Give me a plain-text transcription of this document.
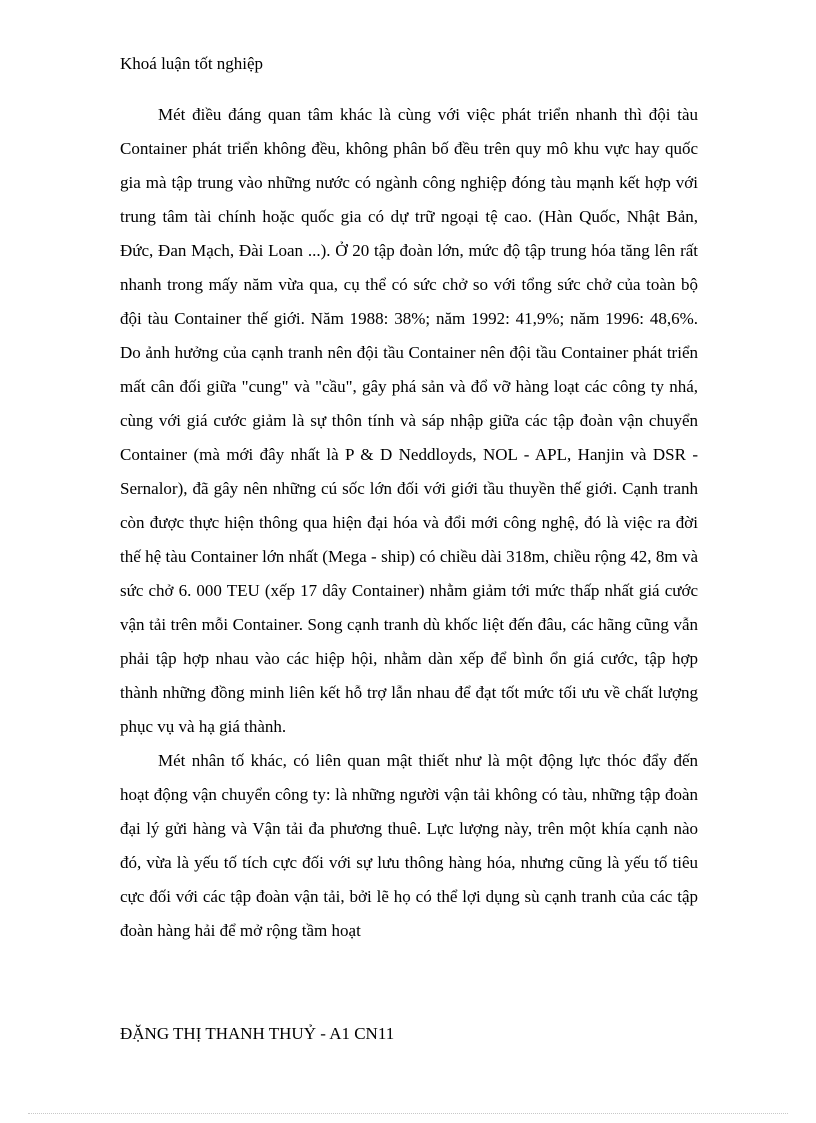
Khoá luận tốt nghiệp

Mét điều đáng quan tâm khác là cùng với việc phát triển nhanh thì đội tàu Container phát triển không đều, không phân bố đều trên quy mô khu vực hay quốc gia mà tập trung vào những nước có ngành công nghiệp đóng tàu mạnh kết hợp với trung tâm tài chính hoặc quốc gia có dự trữ ngoại tệ cao. (Hàn Quốc, Nhật Bản, Đức, Đan Mạch, Đài Loan ...). Ở 20 tập đoàn lớn, mức độ tập trung hóa tăng lên rất nhanh trong mấy năm vừa qua, cụ thể có sức chở so với tổng sức chở của toàn bộ đội tàu Container thế giới. Năm 1988: 38%; năm 1992: 41,9%; năm 1996: 48,6%. Do ảnh hưởng của cạnh tranh nên đội tầu Container nên đội tầu Container phát triển mất cân đối giữa "cung" và "cầu", gây phá sản và đổ vỡ hàng loạt các công ty nhá, cùng với giá cước giảm là sự thôn tính và sáp nhập giữa các tập đoàn vận chuyển Container (mà mới đây nhất là P & D Neddloyds, NOL - APL, Hanjin và DSR - Sernalor), đã gây nên những cú sốc lớn đối với giới tầu thuyền thế giới. Cạnh tranh còn được thực hiện thông qua hiện đại hóa và đổi mới công nghệ, đó là việc ra đời thế hệ tàu Container lớn nhất (Mega - ship) có chiều dài 318m, chiều rộng 42, 8m và sức chở 6. 000 TEU (xếp 17 dây Container) nhằm giảm tới mức thấp nhất giá cước vận tải trên mỗi Container. Song cạnh tranh dù khốc liệt đến đâu, các hãng cũng vẫn phải tập hợp nhau vào các hiệp hội, nhằm dàn xếp để bình ổn giá cước, tập hợp thành những đồng minh liên kết hỗ trợ lẫn nhau để đạt tốt mức tối ưu về chất lượng phục vụ và hạ giá thành.

Mét nhân tố khác, có liên quan mật thiết như là một động lực thóc đẩy đến hoạt động vận chuyển công ty: là những người vận tải không có tàu, những tập đoàn đại lý gửi hàng và Vận tải đa phương thuê. Lực lượng này, trên một khía cạnh nào đó, vừa là yếu tố tích cực đối với sự lưu thông hàng hóa, nhưng cũng là yếu tố tiêu cực đối với các tập đoàn vận tải, bởi lẽ họ có thể lợi dụng sù cạnh tranh của các tập đoàn hàng hải để mở rộng tầm hoạt

ĐẶNG THỊ THANH THUỶ - A1 CN11
